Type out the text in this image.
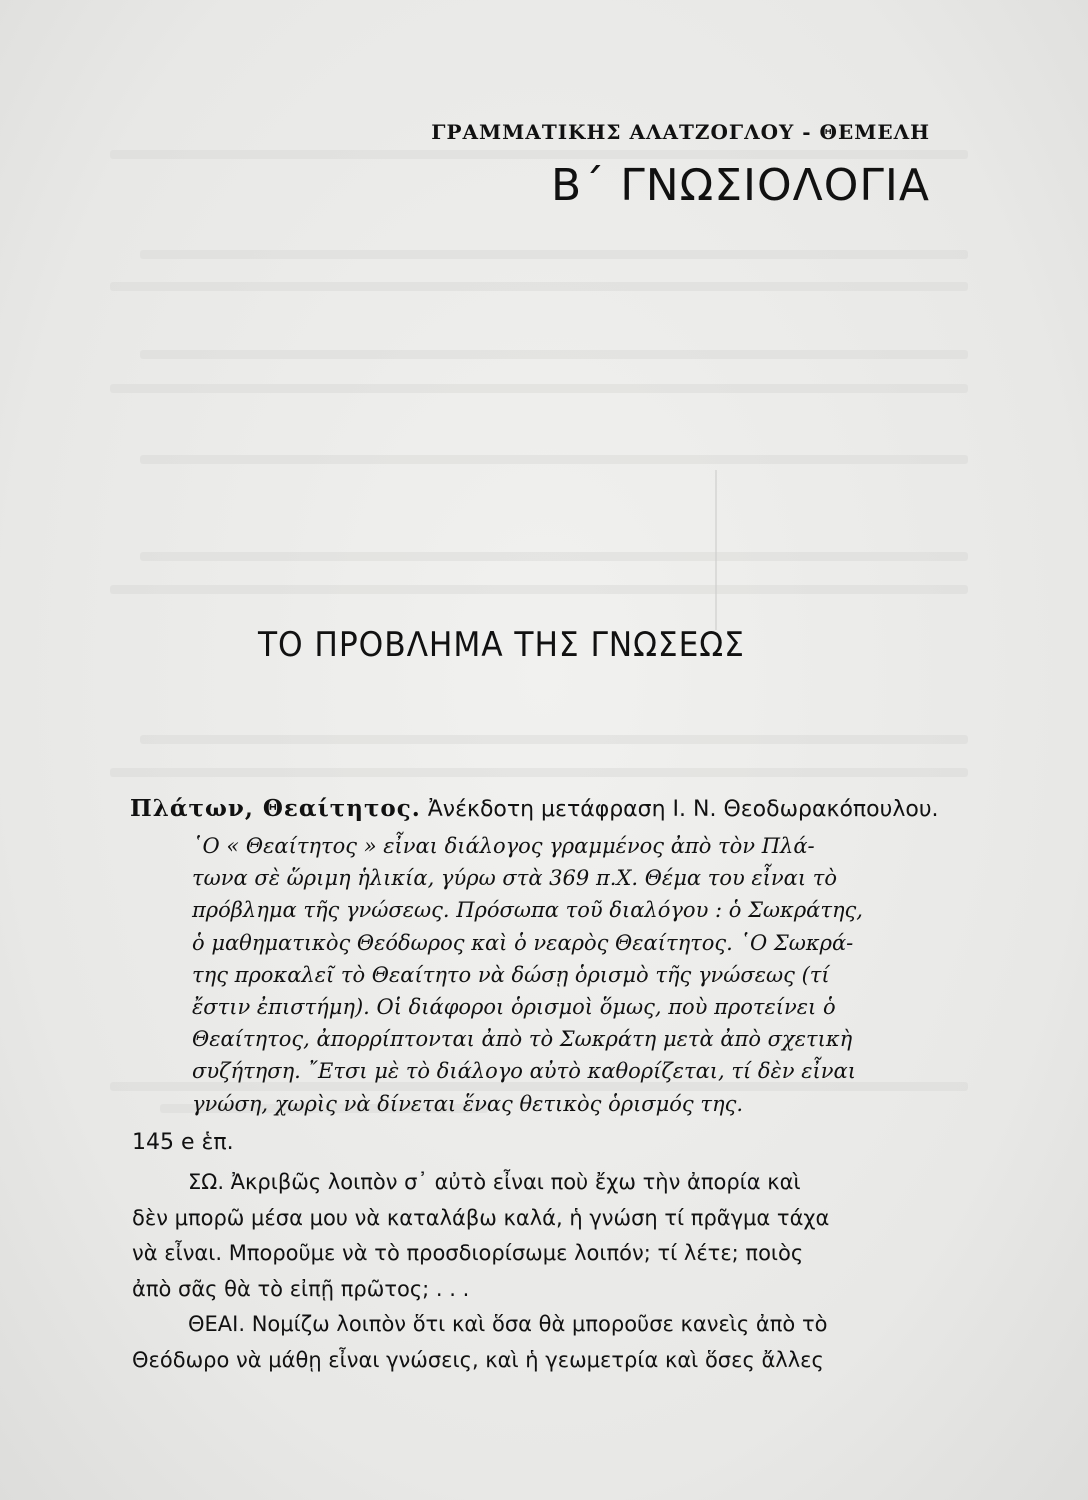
ΓΡΑΜΜΑΤΙΚΗΣ ΑΛΑΤΖΟΓΛΟΥ - ΘΕΜΕΛΗ
Β΄ ΓΝΩΣΙΟΛΟΓΙΑ
ΤΟ ΠΡΟΒΛΗΜΑ ΤΗΣ ΓΝΩΣΕΩΣ
Πλάτων, Θεαίτητος. Ἀνέκδοτη μετάφραση Ι. Ν. Θεοδωρακόπουλου.
῾Ο « Θεαίτητος » εἶναι διάλογος γραμμένος ἀπὸ τὸν Πλά-
τωνα σὲ ὥριμη ἡλικία, γύρω στὰ 369 π.Χ. Θέμα του εἶναι τὸ
πρόβλημα τῆς γνώσεως. Πρόσωπα τοῦ διαλόγου : ὁ Σωκράτης,
ὁ μαθηματικὸς Θεόδωρος καὶ ὁ νεαρὸς Θεαίτητος. ῾Ο Σωκρά-
της προκαλεῖ τὸ Θεαίτητο νὰ δώσῃ ὁρισμὸ τῆς γνώσεως (τί
ἔστιν ἐπιστήμη). Οἱ διάφοροι ὁρισμοὶ ὅμως, ποὺ προτείνει ὁ
Θεαίτητος, ἀπορρίπτονται ἀπὸ τὸ Σωκράτη μετὰ ἀπὸ σχετικὴ
συζήτηση. ῎Ετσι μὲ τὸ διάλογο αὐτὸ καθορίζεται, τί δὲν εἶναι
γνώση, χωρὶς νὰ δίνεται ἕνας θετικὸς ὁρισμός της.
145 e ἑπ.
ΣΩ. Ἀκριβῶς λοιπὸν σ᾽ αὐτὸ εἶναι ποὺ ἔχω τὴν ἀπορία καὶ
δὲν μπορῶ μέσα μου νὰ καταλάβω καλά, ἡ γνώση τί πρᾶγμα τάχα
νὰ εἶναι. Μποροῦμε νὰ τὸ προσδιορίσωμε λοιπόν; τί λέτε; ποιὸς
ἀπὸ σᾶς θὰ τὸ εἰπῇ πρῶτος; . . .
ΘΕΑΙ. Νομίζω λοιπὸν ὅτι καὶ ὅσα θὰ μποροῦσε κανεὶς ἀπὸ τὸ
Θεόδωρο νὰ μάθῃ εἶναι γνώσεις, καὶ ἡ γεωμετρία καὶ ὅσες ἄλλες
